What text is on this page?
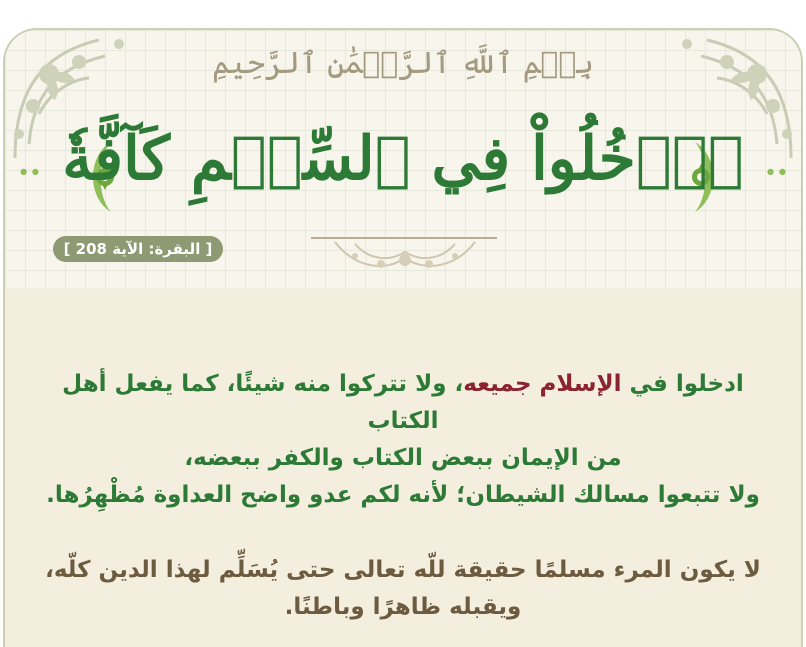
بِسۡمِ ٱللَّهِ ٱلرَّحۡمَٰنِ ٱلرَّحِيمِ
.. ٱدۡخُلُواْ فِي ٱلسِّلۡمِ كَآفَّةٗ ..
[ البقرة: الآية 208 ]
ادخلوا في الإسلام جميعه، ولا تتركوا منه شيئًا، كما يفعل أهل الكتاب
من الإيمان ببعض الكتاب والكفر ببعضه،
ولا تتبعوا مسالك الشيطان؛ لأنه لكم عدو واضح العداوة مُظْهِرُها.
لا يكون المرء مسلمًا حقيقة للّه تعالى حتى يُسَلِّم لهذا الدين كلّه،
ويقبله ظاهرًا وباطنًا.
